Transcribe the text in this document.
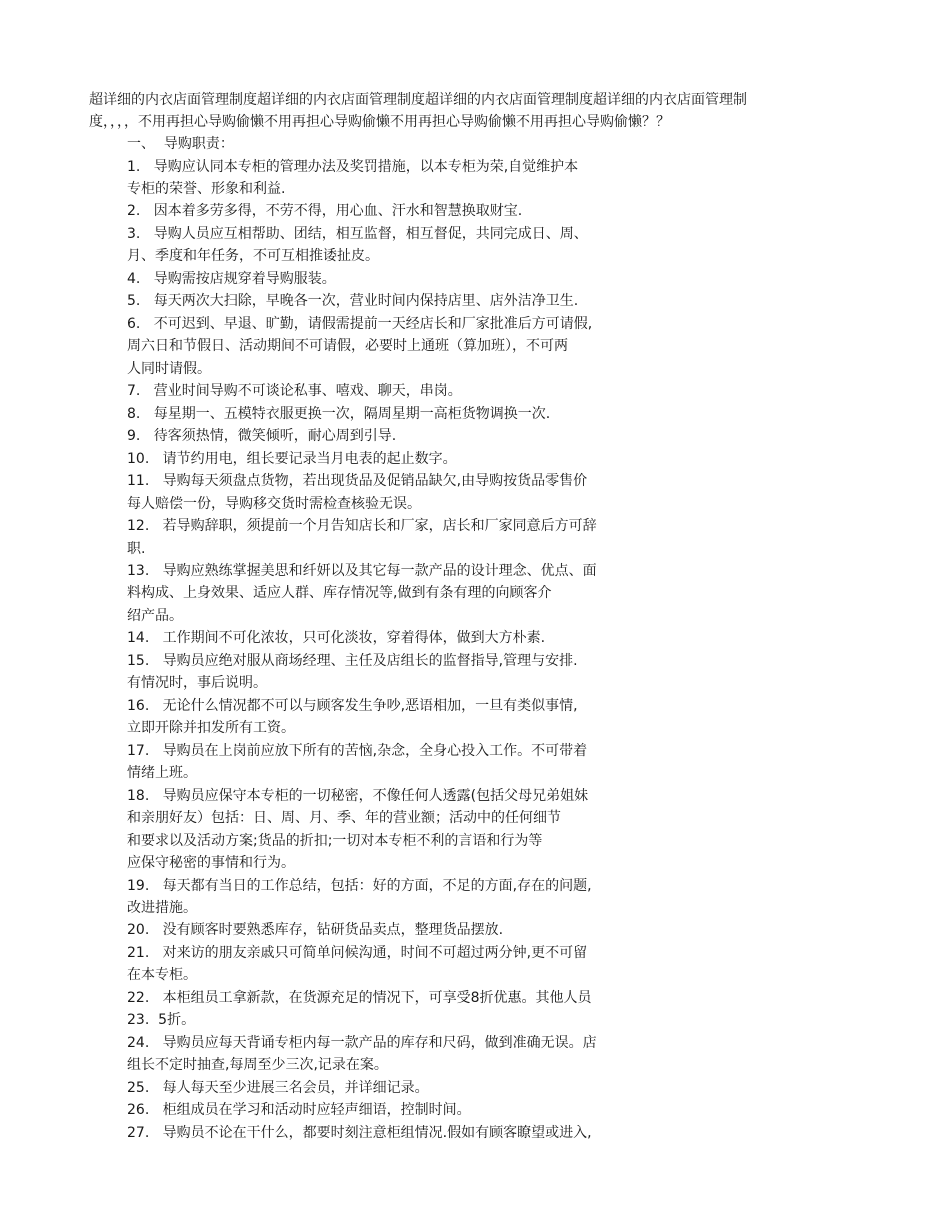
超详细的内衣店面管理制度超详细的内衣店面管理制度超详细的内衣店面管理制度超详细的内衣店面管理制
度，，，，不用再担心导购偷懒不用再担心导购偷懒不用再担心导购偷懒不用再担心导购偷懒？？
一、  导购职责：
1.   导购应认同本专柜的管理办法及奖罚措施，以本专柜为荣,自觉维护本
专柜的荣誉、形象和利益.
2.   因本着多劳多得，不劳不得，用心血、汗水和智慧换取财宝.
3.   导购人员应互相帮助、团结，相互监督，相互督促，共同完成日、周、
月、季度和年任务，不可互相推诿扯皮。
4.   导购需按店规穿着导购服装。
5.   每天两次大扫除，早晚各一次，营业时间内保持店里、店外洁净卫生.
6.   不可迟到、早退、旷勤，请假需提前一天经店长和厂家批准后方可请假,
周六日和节假日、活动期间不可请假，必要时上通班（算加班），不可两
人同时请假。
7.   营业时间导购不可谈论私事、嘻戏、聊天，串岗。
8.   每星期一、五模特衣服更换一次，隔周星期一高柜货物调换一次.
9.   待客须热情，微笑倾听，耐心周到引导.
10.   请节约用电，组长要记录当月电表的起止数字。
11.   导购每天须盘点货物，若出现货品及促销品缺欠,由导购按货品零售价
每人赔偿一份，导购移交货时需检查核验无误。
12.   若导购辞职，须提前一个月告知店长和厂家，店长和厂家同意后方可辞
职.
13.   导购应熟练掌握美思和纤妍以及其它每一款产品的设计理念、优点、面
料构成、上身效果、适应人群、库存情况等,做到有条有理的向顾客介
绍产品。
14.   工作期间不可化浓妆，只可化淡妆，穿着得体，做到大方朴素.
15.   导购员应绝对服从商场经理、主任及店组长的监督指导,管理与安排.
有情况时，事后说明。
16.   无论什么情况都不可以与顾客发生争吵,恶语相加，一旦有类似事情,
立即开除并扣发所有工资。
17.   导购员在上岗前应放下所有的苦恼,杂念，全身心投入工作。不可带着
情绪上班。
18.   导购员应保守本专柜的一切秘密，不像任何人透露(包括父母兄弟姐妹
和亲朋好友）包括：日、周、月、季、年的营业额；活动中的任何细节
和要求以及活动方案;货品的折扣;一切对本专柜不利的言语和行为等
应保守秘密的事情和行为。
19.   每天都有当日的工作总结，包括：好的方面，不足的方面,存在的问题,
改进措施。
20.   没有顾客时要熟悉库存，钻研货品卖点，整理货品摆放.
21.   对来访的朋友亲戚只可简单问候沟通，时间不可超过两分钟,更不可留
在本专柜。
22.   本柜组员工拿新款，在货源充足的情况下，可享受8折优惠。其他人员
23.  5折。
24.   导购员应每天背诵专柜内每一款产品的库存和尺码，做到准确无误。店
组长不定时抽查,每周至少三次,记录在案。
25.   每人每天至少进展三名会员，并详细记录。
26.   柜组成员在学习和活动时应轻声细语，控制时间。
27.   导购员不论在干什么，都要时刻注意柜组情况.假如有顾客瞭望或进入,
